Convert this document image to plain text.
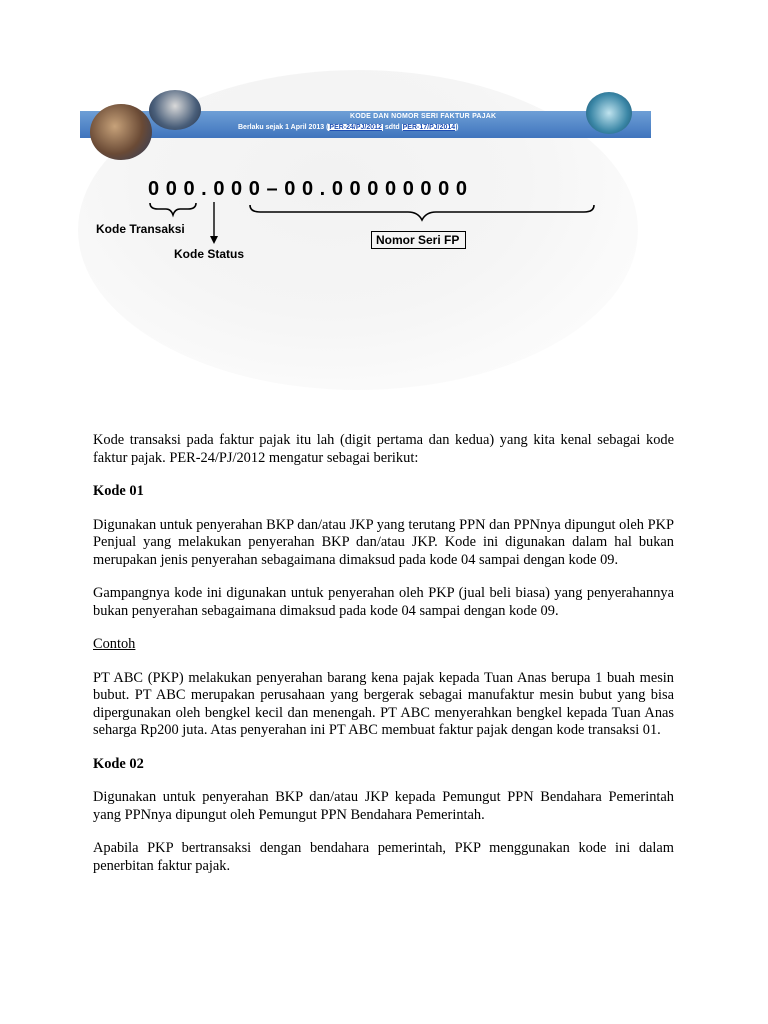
KODE DAN NOMOR SERI FAKTUR PAJAK
Berlaku sejak 1 April 2013 (PER-24/PJ/2012 sdtd PER-17/PJ/2014)
000.000–00.00000000
Kode Transaksi
Kode Status
Nomor Seri FP

Kode transaksi pada faktur pajak itu lah (digit pertama dan kedua) yang kita kenal sebagai kode faktur pajak. PER-24/PJ/2012 mengatur sebagai berikut:

Kode 01

Digunakan untuk penyerahan BKP dan/atau JKP yang terutang PPN dan PPNnya dipungut oleh PKP Penjual yang melakukan penyerahan BKP dan/atau JKP. Kode ini digunakan dalam hal bukan merupakan jenis penyerahan sebagaimana dimaksud pada kode 04 sampai dengan kode 09.

Gampangnya kode ini digunakan untuk penyerahan oleh PKP (jual beli biasa) yang penyerahannya bukan penyerahan sebagaimana dimaksud pada kode 04 sampai dengan kode 09.

Contoh

PT ABC (PKP) melakukan penyerahan barang kena pajak kepada Tuan Anas berupa 1 buah mesin bubut. PT ABC merupakan perusahaan yang bergerak sebagai manufaktur mesin bubut yang bisa dipergunakan oleh bengkel kecil dan menengah. PT ABC menyerahkan bengkel kepada Tuan Anas seharga Rp200 juta. Atas penyerahan ini PT ABC membuat faktur pajak dengan kode transaksi 01.

Kode 02

Digunakan untuk penyerahan BKP dan/atau JKP kepada Pemungut PPN Bendahara Pemerintah yang PPNnya dipungut oleh Pemungut PPN Bendahara Pemerintah.

Apabila PKP bertransaksi dengan bendahara pemerintah, PKP menggunakan kode ini dalam penerbitan faktur pajak.
